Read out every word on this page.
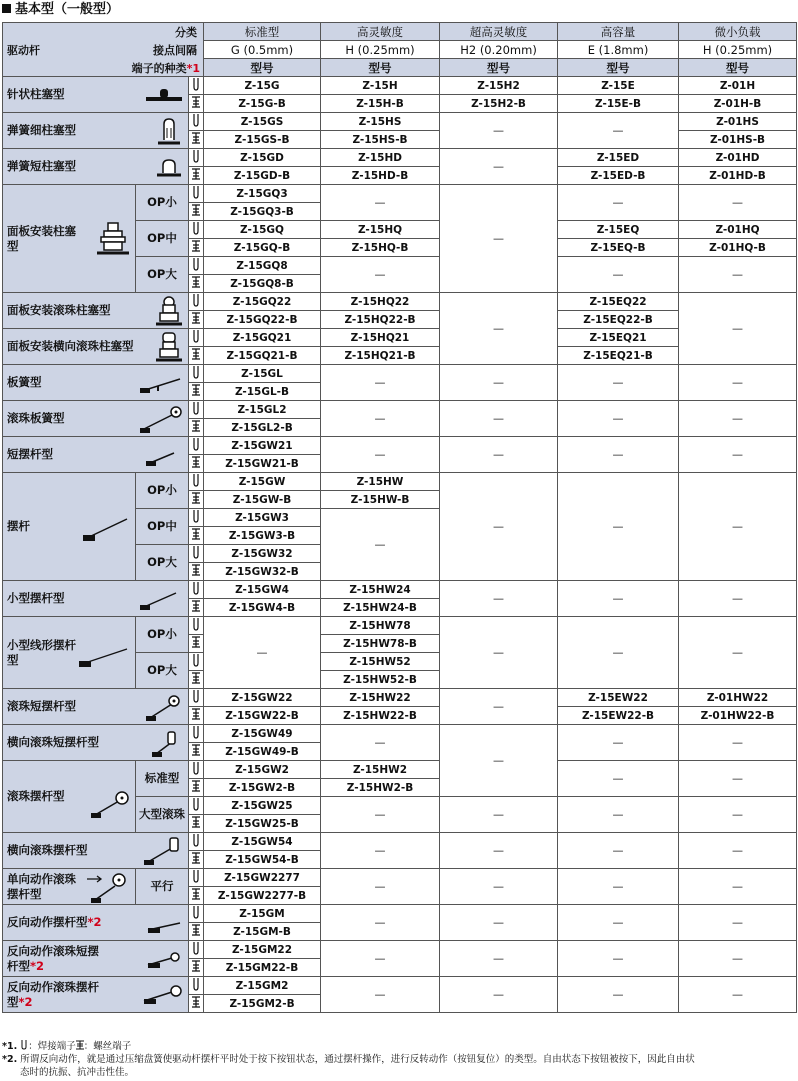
基本型（一般型）
分类
接点间隔
驱动杆
端子的种类*1			标准型	高灵敏度	超高灵敏度	高容量	微小负载
			G (0.5mm)	H (0.25mm)	H2 (0.20mm)	E (1.8mm)	H (0.25mm)
			型号	型号	型号	型号	型号
针状柱塞型			Z-15G	Z-15H	Z-15H2	Z-15E	Z-01H
	Z-15G-B	Z-15H-B	Z-15H2-B	Z-15E-B	Z-01H-B
弹簧细柱塞型			Z-15GS	Z-15HS	—	—	Z-01HS
	Z-15GS-B	Z-15HS-B			Z-01HS-B
弹簧短柱塞型			Z-15GD	Z-15HD	—	Z-15ED	Z-01HD
	Z-15GD-B	Z-15HD-B		Z-15ED-B	Z-01HD-B
面板安装柱塞型	OP小		Z-15GQ3	—	—	—	—
	Z-15GQ3-B				
	OP中		Z-15GQ	Z-15HQ		Z-15EQ	Z-01HQ
	Z-15GQ-B	Z-15HQ-B		Z-15EQ-B	Z-01HQ-B
	OP大		Z-15GQ8	—		—	—
	Z-15GQ8-B				
面板安装滚珠柱塞型			Z-15GQ22	Z-15HQ22	—	Z-15EQ22	—
	Z-15GQ22-B	Z-15HQ22-B		Z-15EQ22-B	
面板安装横向滚珠柱塞型			Z-15GQ21	Z-15HQ21		Z-15EQ21	
	Z-15GQ21-B	Z-15HQ21-B		Z-15EQ21-B	
板簧型			Z-15GL	—	—	—	—
	Z-15GL-B				
滚珠板簧型			Z-15GL2	—	—	—	—
	Z-15GL2-B				
短摆杆型			Z-15GW21	—	—	—	—
	Z-15GW21-B				
摆杆	OP小		Z-15GW	Z-15HW	—	—	—
	Z-15GW-B	Z-15HW-B			
	OP中		Z-15GW3	—			
	Z-15GW3-B				
	OP大		Z-15GW32				
	Z-15GW32-B				
小型摆杆型			Z-15GW4	Z-15HW24	—	—	—
	Z-15GW4-B	Z-15HW24-B			
小型线形摆杆型	OP小		—	Z-15HW78	—	—	—
	Z-15HW78-B			
	OP大			Z-15HW52			
	Z-15HW52-B			
滚珠短摆杆型			Z-15GW22	Z-15HW22	—	Z-15EW22	Z-01HW22
	Z-15GW22-B	Z-15HW22-B		Z-15EW22-B	Z-01HW22-B
横向滚珠短摆杆型			Z-15GW49	—	—	—	—
	Z-15GW49-B				
滚珠摆杆型	标准型		Z-15GW2	Z-15HW2		—	—
	Z-15GW2-B	Z-15HW2-B			
	大型滚珠		Z-15GW25	—	—	—	—
	Z-15GW25-B				
横向滚珠摆杆型			Z-15GW54	—	—	—	—
	Z-15GW54-B				
单向动作滚珠摆杆型	平行		Z-15GW2277	—	—	—	—
	Z-15GW2277-B				
反向动作摆杆型*2			Z-15GM	—	—	—	—
	Z-15GM-B				
反向动作滚珠短摆杆型*2			Z-15GM22	—	—	—	—
	Z-15GM22-B				
反向动作滚珠摆杆型*2			Z-15GM2	—	—	—	—
	Z-15GM2-B				
*1. ：焊接端子 ：螺丝端子
*2. 所谓反向动作，就是通过压缩盘簧使驱动杆摆杆平时处于按下按钮状态，通过摆杆操作，进行反转动作（按钮复位）的类型。自由状态下按钮被按下，因此自由状
态时的抗振、抗冲击性佳。
